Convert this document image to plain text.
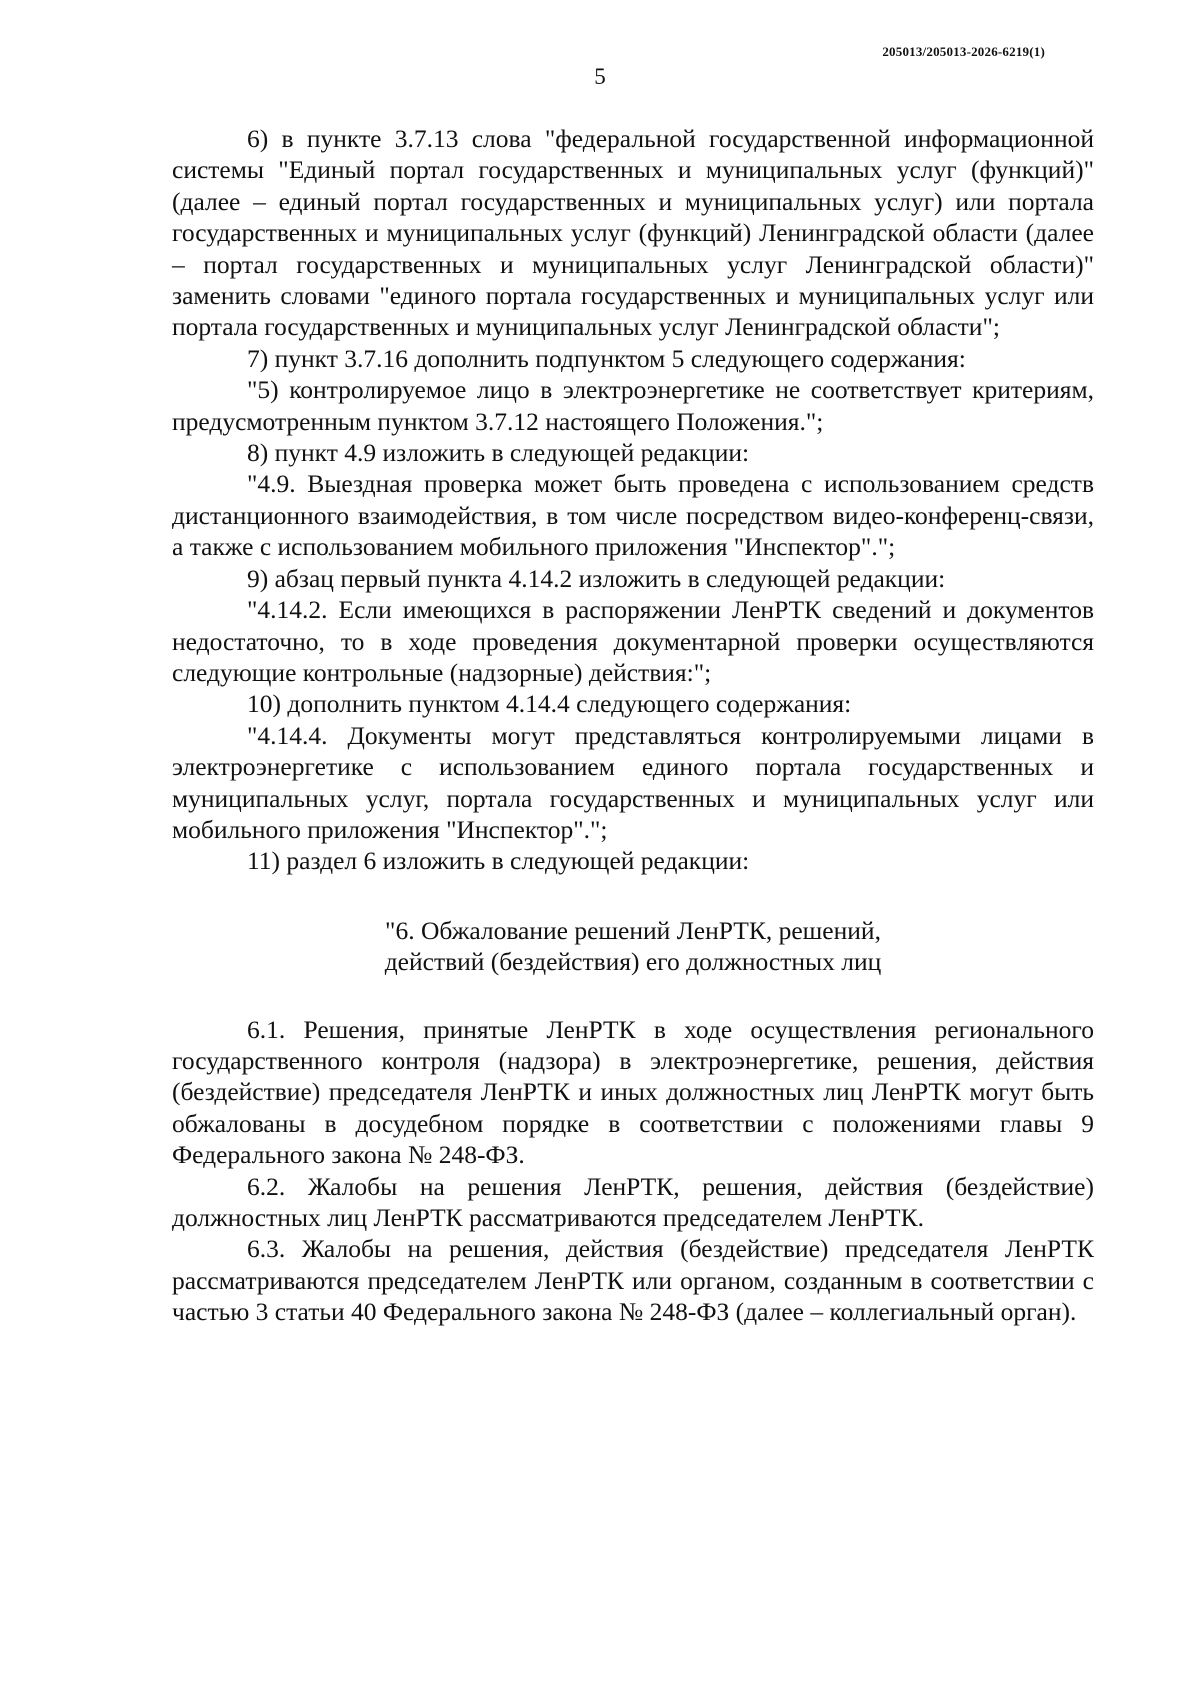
205013/205013-2026-6219(1)
5

6) в пункте 3.7.13 слова "федеральной государственной информационной системы "Единый портал государственных и муниципальных услуг (функций)" (далее – единый портал государственных и муниципальных услуг) или портала государственных и муниципальных услуг (функций) Ленинградской области (далее – портал государственных и муниципальных услуг Ленинградской области)" заменить словами "единого портала государственных и муниципальных услуг или портала государственных и муниципальных услуг Ленинградской области";

7) пункт 3.7.16 дополнить подпунктом 5 следующего содержания:

"5) контролируемое лицо в электроэнергетике не соответствует критериям, предусмотренным пунктом 3.7.12 настоящего Положения.";

8) пункт 4.9 изложить в следующей редакции:

"4.9. Выездная проверка может быть проведена с использованием средств дистанционного взаимодействия, в том числе посредством видео-конференц-связи, а также с использованием мобильного приложения "Инспектор".";

9) абзац первый пункта 4.14.2 изложить в следующей редакции:

"4.14.2. Если имеющихся в распоряжении ЛенРТК сведений и документов недостаточно, то в ходе проведения документарной проверки осуществляются следующие контрольные (надзорные) действия:";

10) дополнить пунктом 4.14.4 следующего содержания:

"4.14.4. Документы могут представляться контролируемыми лицами в электроэнергетике с использованием единого портала государственных и муниципальных услуг, портала государственных и муниципальных услуг или мобильного приложения "Инспектор".";

11) раздел 6 изложить в следующей редакции:

"6. Обжалование решений ЛенРТК, решений,
действий (бездействия) его должностных лиц

6.1. Решения, принятые ЛенРТК в ходе осуществления регионального государственного контроля (надзора) в электроэнергетике, решения, действия (бездействие) председателя ЛенРТК и иных должностных лиц ЛенРТК могут быть обжалованы в досудебном порядке в соответствии с положениями главы 9 Федерального закона № 248-ФЗ.

6.2. Жалобы на решения ЛенРТК, решения, действия (бездействие) должностных лиц ЛенРТК рассматриваются председателем ЛенРТК.

6.3. Жалобы на решения, действия (бездействие) председателя ЛенРТК рассматриваются председателем ЛенРТК или органом, созданным в соответствии с частью 3 статьи 40 Федерального закона № 248-ФЗ (далее – коллегиальный орган).
